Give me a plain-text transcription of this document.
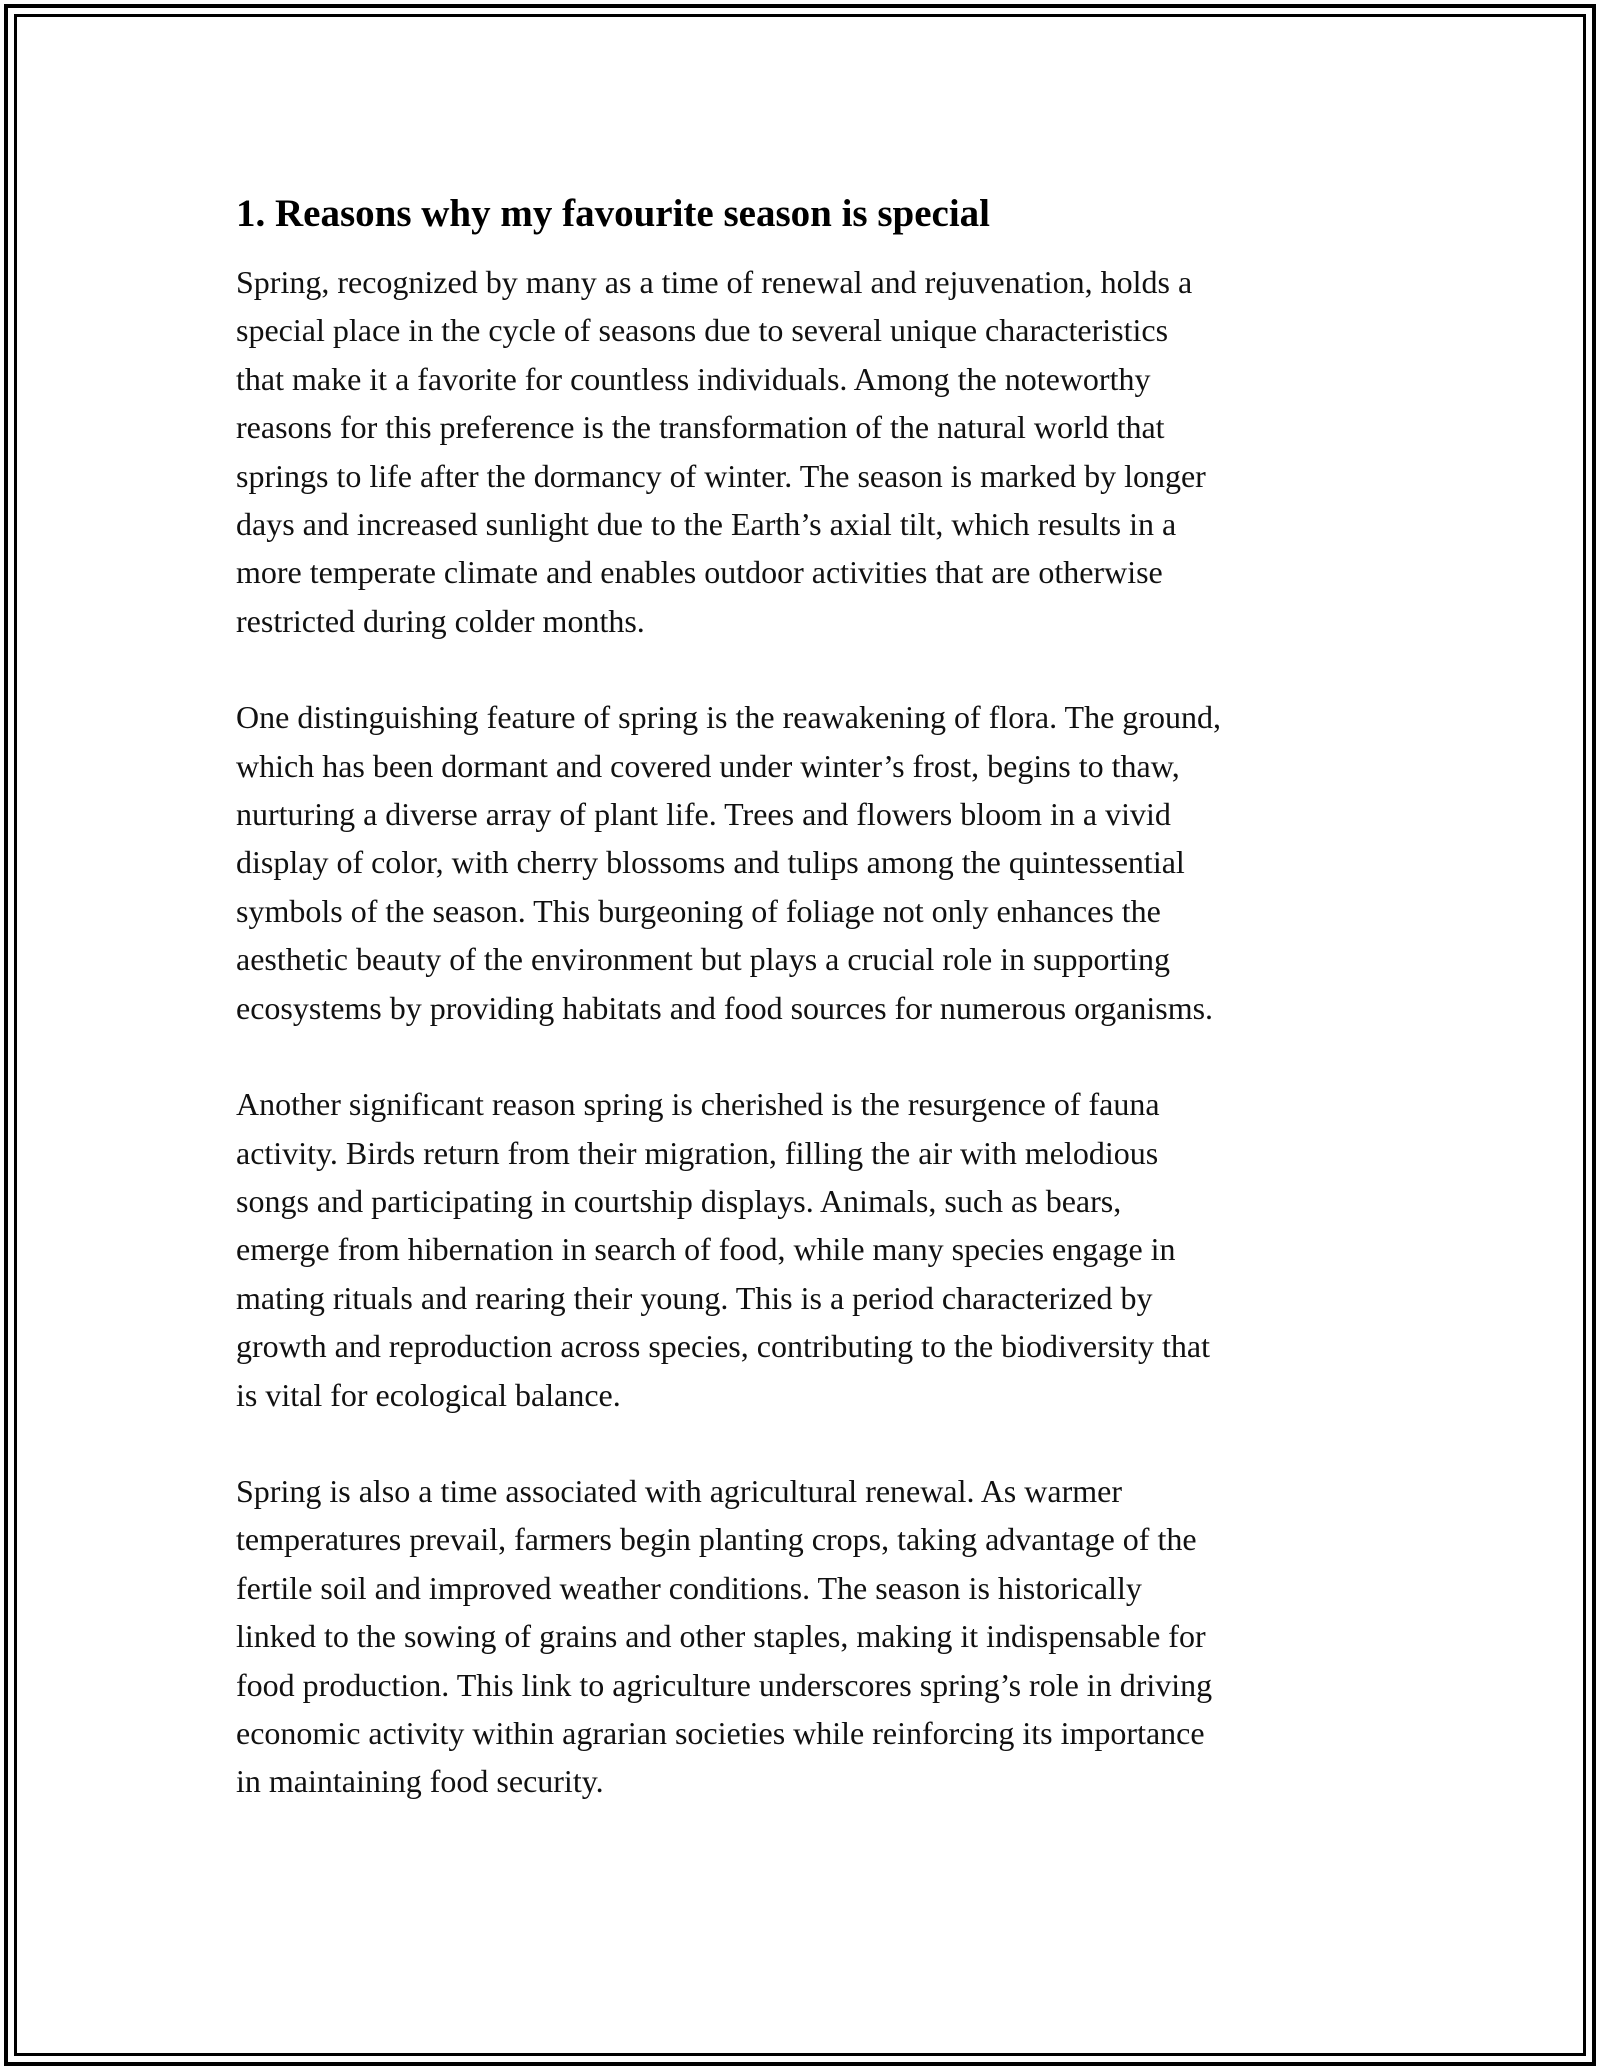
1. Reasons why my favourite season is special

Spring, recognized by many as a time of renewal and rejuvenation, holds a
special place in the cycle of seasons due to several unique characteristics
that make it a favorite for countless individuals. Among the noteworthy
reasons for this preference is the transformation of the natural world that
springs to life after the dormancy of winter. The season is marked by longer
days and increased sunlight due to the Earth’s axial tilt, which results in a
more temperate climate and enables outdoor activities that are otherwise
restricted during colder months.

One distinguishing feature of spring is the reawakening of flora. The ground,
which has been dormant and covered under winter’s frost, begins to thaw,
nurturing a diverse array of plant life. Trees and flowers bloom in a vivid
display of color, with cherry blossoms and tulips among the quintessential
symbols of the season. This burgeoning of foliage not only enhances the
aesthetic beauty of the environment but plays a crucial role in supporting
ecosystems by providing habitats and food sources for numerous organisms.

Another significant reason spring is cherished is the resurgence of fauna
activity. Birds return from their migration, filling the air with melodious
songs and participating in courtship displays. Animals, such as bears,
emerge from hibernation in search of food, while many species engage in
mating rituals and rearing their young. This is a period characterized by
growth and reproduction across species, contributing to the biodiversity that
is vital for ecological balance.

Spring is also a time associated with agricultural renewal. As warmer
temperatures prevail, farmers begin planting crops, taking advantage of the
fertile soil and improved weather conditions. The season is historically
linked to the sowing of grains and other staples, making it indispensable for
food production. This link to agriculture underscores spring’s role in driving
economic activity within agrarian societies while reinforcing its importance
in maintaining food security.
